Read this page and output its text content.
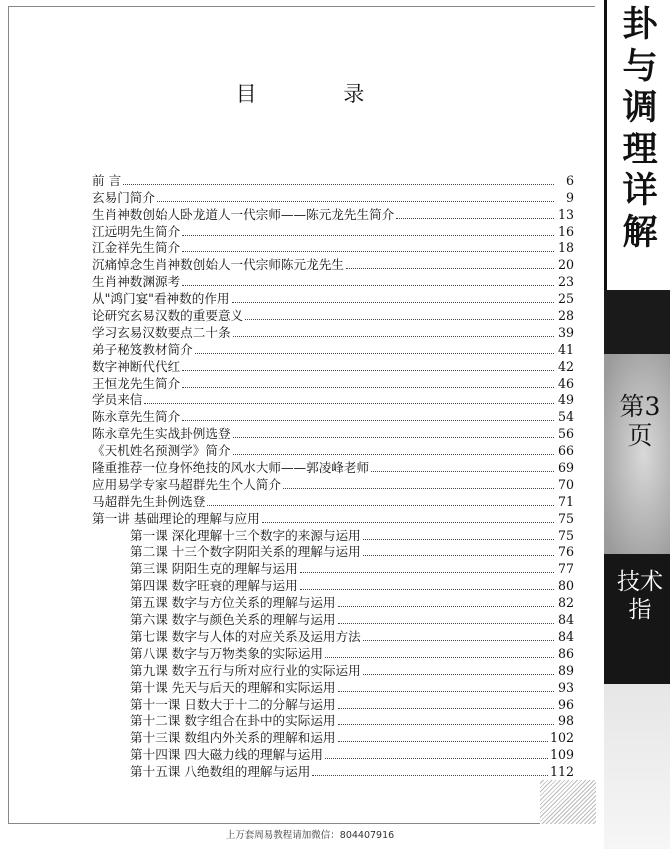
目 录
前 言	6
玄易门简介	9
生肖神数创始人卧龙道人一代宗师——陈元龙先生简介	13
江远明先生简介	16
江金祥先生简介	18
沉痛悼念生肖神数创始人一代宗师陈元龙先生	20
生肖神数渊源考	23
从"鸿门宴"看神数的作用	25
论研究玄易汉数的重要意义	28
学习玄易汉数要点二十条	39
弟子秘笈教材简介	41
数字神断代代红	42
王恒龙先生简介	46
学员来信	49
陈永章先生简介	54
陈永章先生实战卦例选登	56
《天机姓名预测学》简介	66
隆重推荐一位身怀绝技的风水大师——郭凌峰老师	69
应用易学专家马超群先生个人简介	70
马超群先生卦例选登	71
第一讲 基础理论的理解与应用	75
第一课 深化理解十三个数字的来源与运用	75
第二课 十三个数字阴阳关系的理解与运用	76
第三课 阴阳生克的理解与运用	77
第四课 数字旺衰的理解与运用	80
第五课 数字与方位关系的理解与运用	82
第六课 数字与颜色关系的理解与运用	84
第七课 数字与人体的对应关系及运用方法	84
第八课 数字与万物类象的实际运用	86
第九课 数字五行与所对应行业的实际运用	89
第十课 先天与后天的理解和实际运用	93
第十一课 日数大于十二的分解与运用	96
第十二课 数字组合在卦中的实际运用	98
第十三课 数组内外关系的理解和运用	102
第十四课 四大磁力线的理解与运用	109
第十五课 八绝数组的理解与运用	112
卦与调理详解
第3页
技术指
上万套周易教程请加微信：804407916
